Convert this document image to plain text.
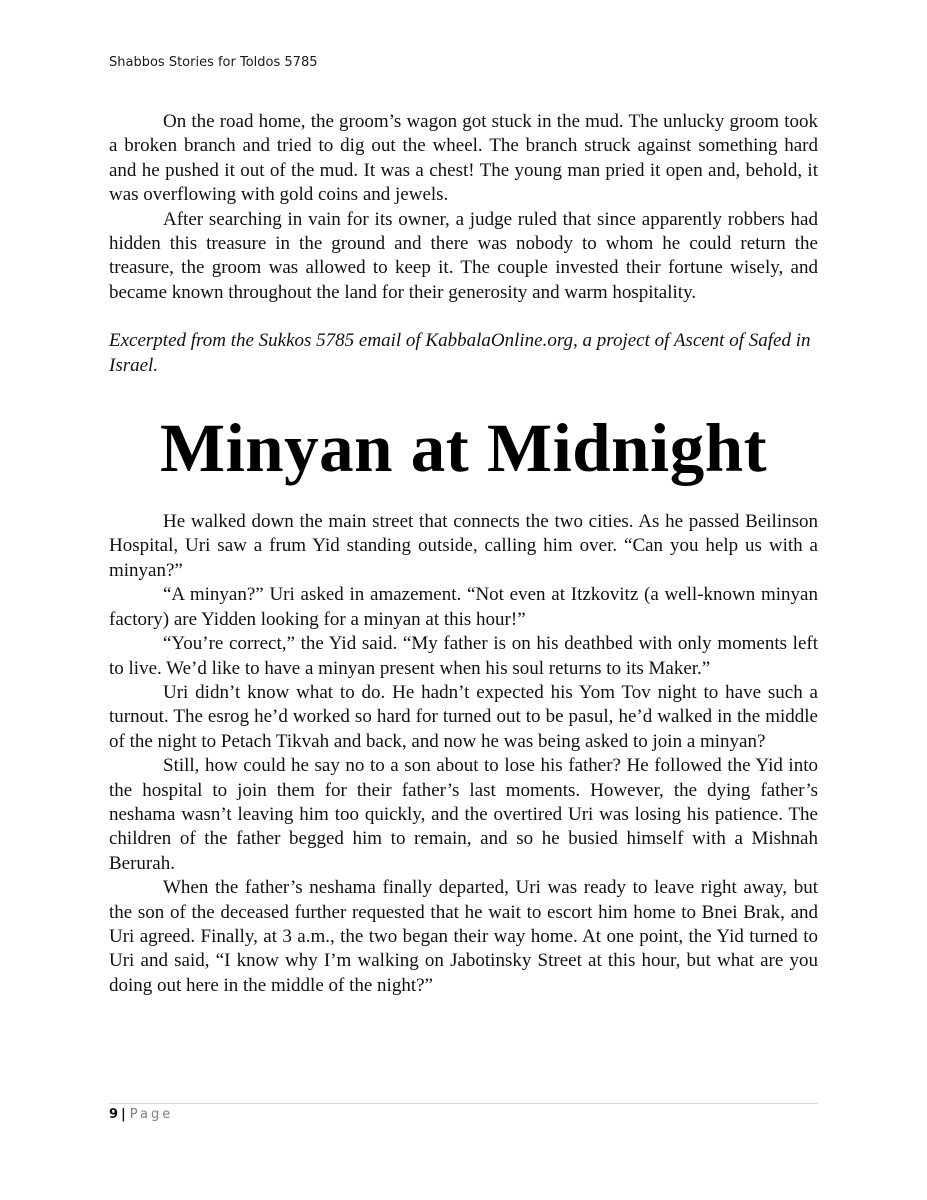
Shabbos Stories for Toldos 5785

On the road home, the groom’s wagon got stuck in the mud. The unlucky groom took a broken branch and tried to dig out the wheel. The branch struck against something hard and he pushed it out of the mud. It was a chest! The young man pried it open and, behold, it was overflowing with gold coins and jewels.

After searching in vain for its owner, a judge ruled that since apparently robbers had hidden this treasure in the ground and there was nobody to whom he could return the treasure, the groom was allowed to keep it. The couple invested their fortune wisely, and became known throughout the land for their generosity and warm hospitality.

Excerpted from the Sukkos 5785 email of KabbalaOnline.org, a project of Ascent of Safed in Israel.

Minyan at Midnight

He walked down the main street that connects the two cities. As he passed Beilinson Hospital, Uri saw a frum Yid standing outside, calling him over. “Can you help us with a minyan?”

“A minyan?” Uri asked in amazement. “Not even at Itzkovitz (a well-known minyan factory) are Yidden looking for a minyan at this hour!”

“You’re correct,” the Yid said. “My father is on his deathbed with only moments left to live. We’d like to have a minyan present when his soul returns to its Maker.”

Uri didn’t know what to do. He hadn’t expected his Yom Tov night to have such a turnout. The esrog he’d worked so hard for turned out to be pasul, he’d walked in the middle of the night to Petach Tikvah and back, and now he was being asked to join a minyan?

Still, how could he say no to a son about to lose his father? He followed the Yid into the hospital to join them for their father’s last moments. However, the dying father’s neshama wasn’t leaving him too quickly, and the overtired Uri was losing his patience. The children of the father begged him to remain, and so he busied himself with a Mishnah Berurah.

When the father’s neshama finally departed, Uri was ready to leave right away, but the son of the deceased further requested that he wait to escort him home to Bnei Brak, and Uri agreed. Finally, at 3 a.m., the two began their way home. At one point, the Yid turned to Uri and said, “I know why I’m walking on Jabotinsky Street at this hour, but what are you doing out here in the middle of the night?”

9 | Page
